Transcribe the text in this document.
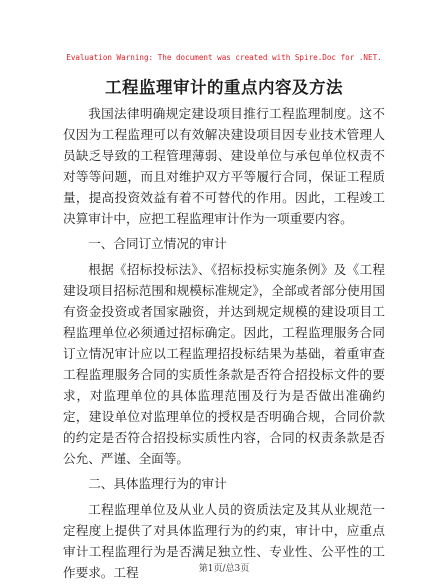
Evaluation Warning: The document was created with Spire.Doc for .NET.
工程监理审计的重点内容及方法

我国法律明确规定建设项目推行工程监理制度。这不仅因为工程监理可以有效解决建设项目因专业技术管理人员缺乏导致的工程管理薄弱、建设单位与承包单位权责不对等等问题，而且对维护双方平等履行合同，保证工程质量，提高投资效益有着不可替代的作用。因此，工程竣工决算审计中，应把工程监理审计作为一项重要内容。

一、合同订立情况的审计

根据《招标投标法》、《招标投标实施条例》及《工程建设项目招标范围和规模标准规定》，全部或者部分使用国有资金投资或者国家融资，并达到规定规模的建设项目工程监理单位必须通过招标确定。因此，工程监理服务合同订立情况审计应以工程监理招投标结果为基础，着重审查工程监理服务合同的实质性条款是否符合招投标文件的要求，对监理单位的具体监理范围及行为是否做出准确约定，建设单位对监理单位的授权是否明确合规，合同价款的约定是否符合招投标实质性内容，合同的权责条款是否公允、严谨、全面等。

二、具体监理行为的审计

工程监理单位及从业人员的资质法定及其从业规范一定程度上提供了对具体监理行为的约束，审计中，应重点审计工程监理行为是否满足独立性、专业性、公平性的工作要求。工程	第1页/总3页
